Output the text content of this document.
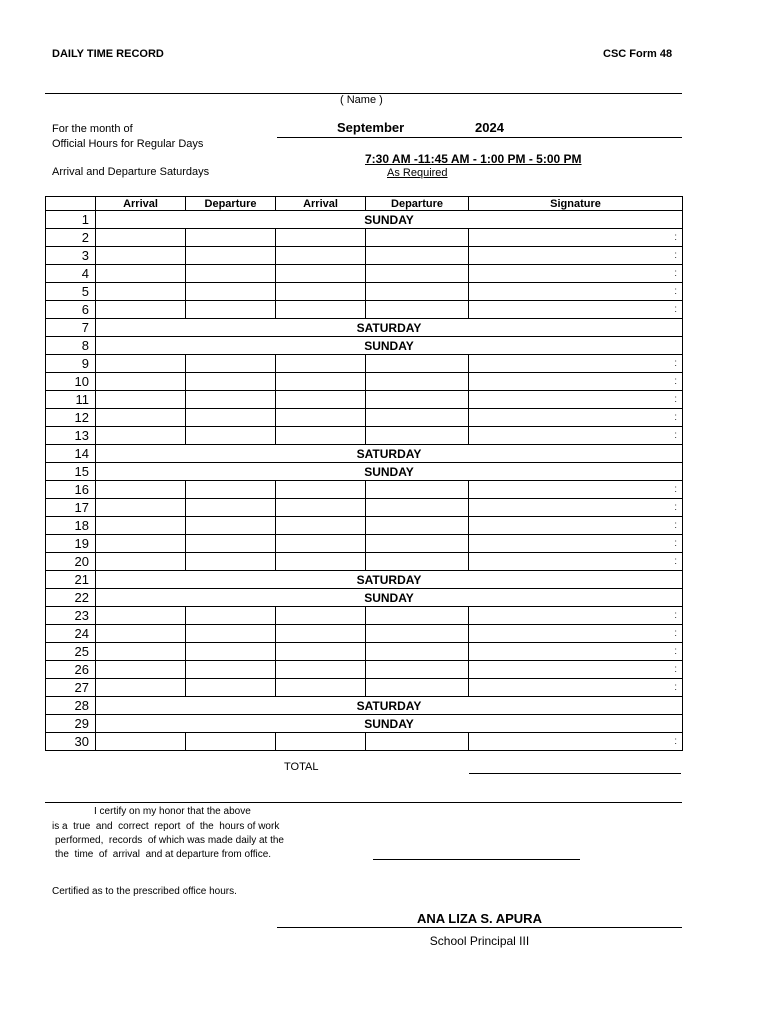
DAILY TIME RECORD	CSC Form 48
( Name )
For the month of	September	2024
Official Hours for Regular Days
7:30 AM -11:45 AM - 1:00 PM - 5:00 PM
Arrival and Departure Saturdays	As Required
	Arrival	Departure	Arrival	Departure	Signature
1	SUNDAY				
2					:
3					:
4					:
5					:
6					:
7	SATURDAY				
8	SUNDAY				
9					:
10					:
11					:
12					:
13					:
14	SATURDAY				
15	SUNDAY				
16					:
17					:
18					:
19					:
20					:
21	SATURDAY				
22	SUNDAY				
23					:
24					:
25					:
26					:
27					:
28	SATURDAY				
29	SUNDAY				
30					:
TOTAL
I certify on my honor that the above
is a  true  and  correct  report  of  the  hours of work
performed,  records  of which was made daily at the
the  time  of  arrival  and at departure from office.
Certified as to the prescribed office hours.
ANA LIZA S. APURA
School Principal III
